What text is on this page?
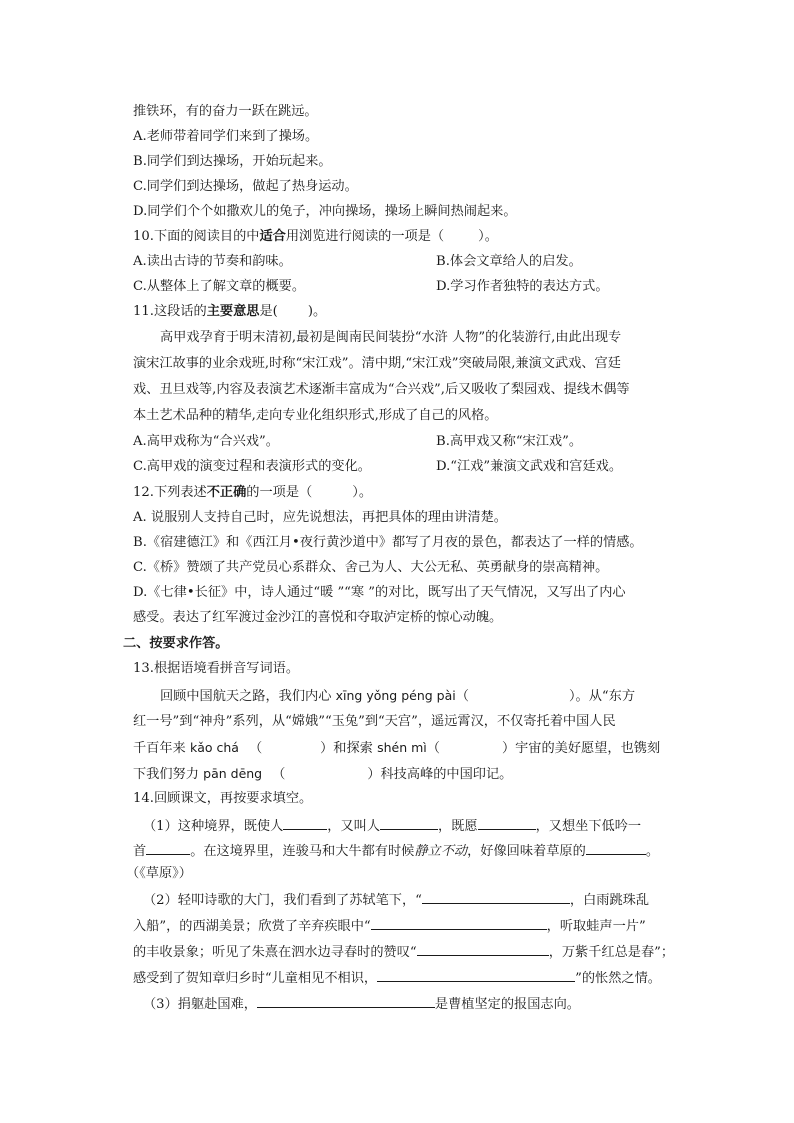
推铁环，有的奋力一跃在跳远。
A.老师带着同学们来到了操场。
B.同学们到达操场，开始玩起来。
C.同学们到达操场，做起了热身运动。
D.同学们个个如撒欢儿的兔子，冲向操场，操场上瞬间热闹起来。
10.下面的阅读目的中适合用浏览进行阅读的一项是（	）。
A.读出古诗的节奏和韵味。	B.体会文章给人的启发。
C.从整体上了解文章的概要。	D.学习作者独特的表达方式。
11.这段话的主要意思是( )。
高甲戏孕育于明末清初,最初是闽南民间装扮“水浒 人物”的化装游行,由此出现专
演宋江故事的业余戏班,时称“宋江戏”。清中期,“宋江戏”突破局限,兼演文武戏、宫廷
戏、丑旦戏等,内容及表演艺术逐渐丰富成为“合兴戏”,后又吸收了梨园戏、提线木偶等
本土艺术品种的精华,走向专业化组织形式,形成了自己的风格。
A.高甲戏称为“合兴戏”。	B.高甲戏又称“宋江戏”。
C.高甲戏的演变过程和表演形式的变化。	D.“江戏”兼演文武戏和宫廷戏。
12.下列表述不正确的一项是（	）。
A. 说服别人支持自己时，应先说想法，再把具体的理由讲清楚。
B.《宿建德江》和《西江月•夜行黄沙道中》都写了月夜的景色，都表达了一样的情感。
C.《桥》赞颂了共产党员心系群众、舍己为人、大公无私、英勇献身的崇高精神。
D.《七律•长征》中，诗人通过“暖 ”“寒 ”的对比，既写出了天气情况，又写出了内心
感受。表达了红军渡过金沙江的喜悦和夺取泸定桥的惊心动魄。
二、按要求作答。
13.根据语境看拼音写词语。
回顾中国航天之路，我们内心 xīng yǒng péng pài（	）。从“东方
红一号”到“神舟”系列，从“嫦娥”“玉兔”到“天宫”，遥远霄汉，不仅寄托着中国人民
千百年来 kǎo chá （	）和探索 shén mì（	）宇宙的美好愿望，也镌刻
下我们努力 pān dēng （	）科技高峰的中国印记。
14.回顾课文，再按要求填空。
（1）这种境界，既使人	，又叫人	，既愿	，又想坐下低吟一
首	。在这境界里，连骏马和大牛都有时候静立不动，好像回味着草原的	。
（《草原》）
（2）轻叩诗歌的大门，我们看到了苏轼笔下，“	，白雨跳珠乱
入船”，的西湖美景；欣赏了辛弃疾眼中“	，听取蛙声一片”
的丰收景象；听见了朱熹在泗水边寻春时的赞叹“	，万紫千红总是春”；
感受到了贺知章归乡时“儿童相见不相识，	”的怅然之情。
（3）捐躯赴国难，	是曹植坚定的报国志向。
